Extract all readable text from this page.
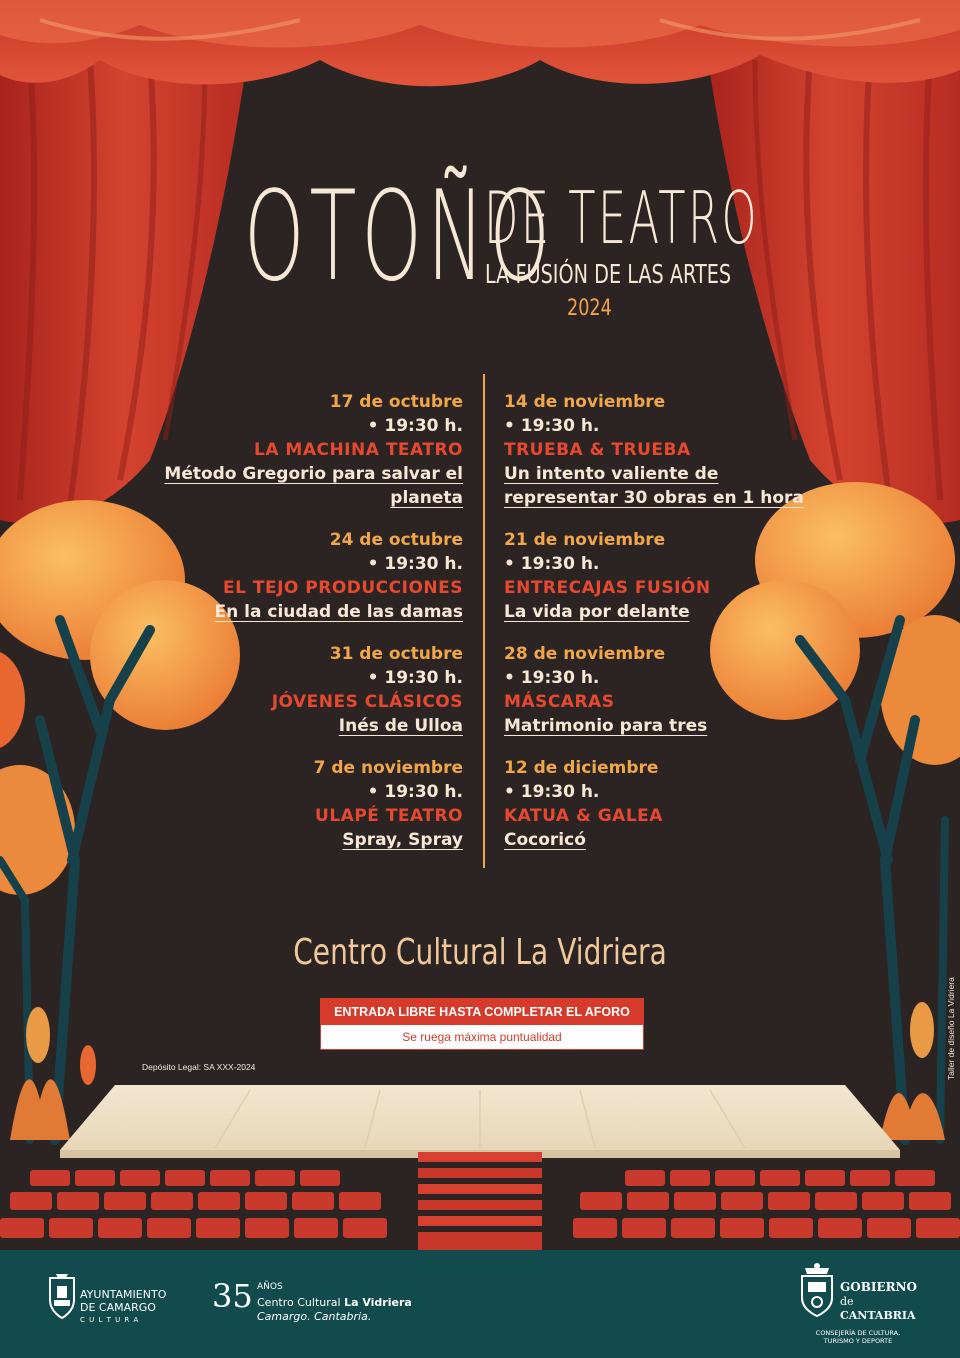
OTOÑO
DE TEATRO
LA FUSIÓN DE LAS ARTES
2024
17 de octubre
• 19:30 h.
LA MACHINA TEATRO
Método Gregorio para salvar el planeta
24 de octubre
• 19:30 h.
EL TEJO PRODUCCIONES
En la ciudad de las damas
31 de octubre
• 19:30 h.
JÓVENES CLÁSICOS
Inés de Ulloa
7 de noviembre
• 19:30 h.
ULAPÉ TEATRO
Spray, Spray
14 de noviembre
• 19:30 h.
TRUEBA & TRUEBA
Un intento valiente de representar 30 obras en 1 hora
21 de noviembre
• 19:30 h.
ENTRECAJAS FUSIÓN
La vida por delante
28 de noviembre
• 19:30 h.
MÁSCARAS
Matrimonio para tres
12 de diciembre
• 19:30 h.
KATUA & GALEA
Cocoricó
Centro Cultural La Vidriera
ENTRADA LIBRE HASTA COMPLETAR EL AFORO
Se ruega máxima puntualidad
Depósito Legal: SA XXX-2024	Taller de diseño La Vidriera
AYUNTAMIENTO
DE CAMARGO
C U L T U R A
35 AÑOS
Centro Cultural La Vidriera
Camargo. Cantabria.
GOBIERNO
de
CANTABRIA
CONSEJERÍA DE CULTURA,
TURISMO Y DEPORTE
